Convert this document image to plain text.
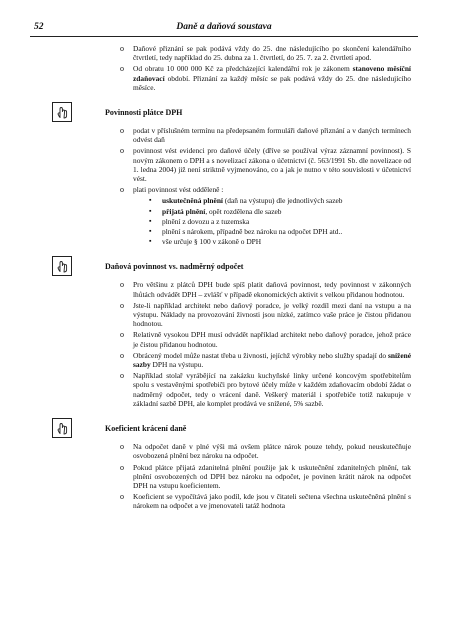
52	Daně a daňová soustava
o Daňové přiznání se pak podává vždy do 25. dne následujícího po skončení kalendářního čtvrtletí, tedy například do 25. dubna za 1. čtvrtletí, do 25. 7. za 2. čtvrtletí apod.
o Od obratu 10 000 000 Kč za předcházející kalendářní rok je zákonem stanoveno měsíční zdaňovací období. Přiznání za každý měsíc se pak podává vždy do 25. dne následujícího měsíce.
Povinnosti plátce DPH
o podat v příslušném termínu na předepsaném formuláři daňové přiznání a v daných termínech odvést daň
o povinnost vést evidenci pro daňové účely (dříve se používal výraz záznamní povinnost). S novým zákonem o DPH a s novelizací zákona o účetnictví (č. 563/1991 Sb. dle novelizace od 1. ledna 2004) již není striktně vyjmenováno, co a jak je nutno v této souvislosti v účetnictví vést.
o plati povinnost vést odděleně :
▪ uskutečněná plnění (daň na výstupu) dle jednotlivých sazeb
▪ přijatá plnění, opět rozdělena dle sazeb
▪ plnění z dovozu a z tuzemska
▪ plnění s nárokem, případně bez nároku na odpočet DPH atd..
▪ vše určuje § 100 v zákoně o DPH
Daňová povinnost vs. nadměrný odpočet
o Pro většinu z plátců DPH bude spíš platit daňová povinnost, tedy povinnost v zákonných lhůtách odvádět DPH – zvlášť v případě ekonomických aktivit s velkou přidanou hodnotou.
o Jste-li například architekt nebo daňový poradce, je velký rozdíl mezi daní na vstupu a na výstupu. Náklady na provozování živnosti jsou nízké, zatímco vaše práce je čistou přidanou hodnotou.
o Relativně vysokou DPH musí odvádět například architekt nebo daňový poradce, jehož práce je čistou přidanou hodnotou.
o Obrácený model může nastat třeba u živnosti, jejíchž výrobky nebo služby spadají do snížené sazby DPH na výstupu.
o Například stolař vyrábějící na zakázku kuchyňské linky určené koncovým spotřebitelům spolu s vestavěnými spotřebiči pro bytové účely může v každém zdaňovacím období žádat o nadměrný odpočet, tedy o vrácení daně. Veškerý materiál i spotřebiče totiž nakupuje v základní sazbě DPH, ale komplet prodává ve snížené, 5% sazbě.
Koeficient krácení daně
o Na odpočet daně v plné výši má ovšem plátce nárok pouze tehdy, pokud neuskutečňuje osvobozená plnění bez nároku na odpočet.
o Pokud plátce přijatá zdanitelná plnění použije jak k uskutečnění zdanitelných plnění, tak plnění osvobozených od DPH bez nároku na odpočet, je povinen krátit nárok na odpočet DPH na vstupu koeficientem.
o Koeficient se vypočítává jako podíl, kde jsou v čitateli sečtena všechna uskutečněná plnění s nárokem na odpočet a ve jmenovateli tatáž hodnota
